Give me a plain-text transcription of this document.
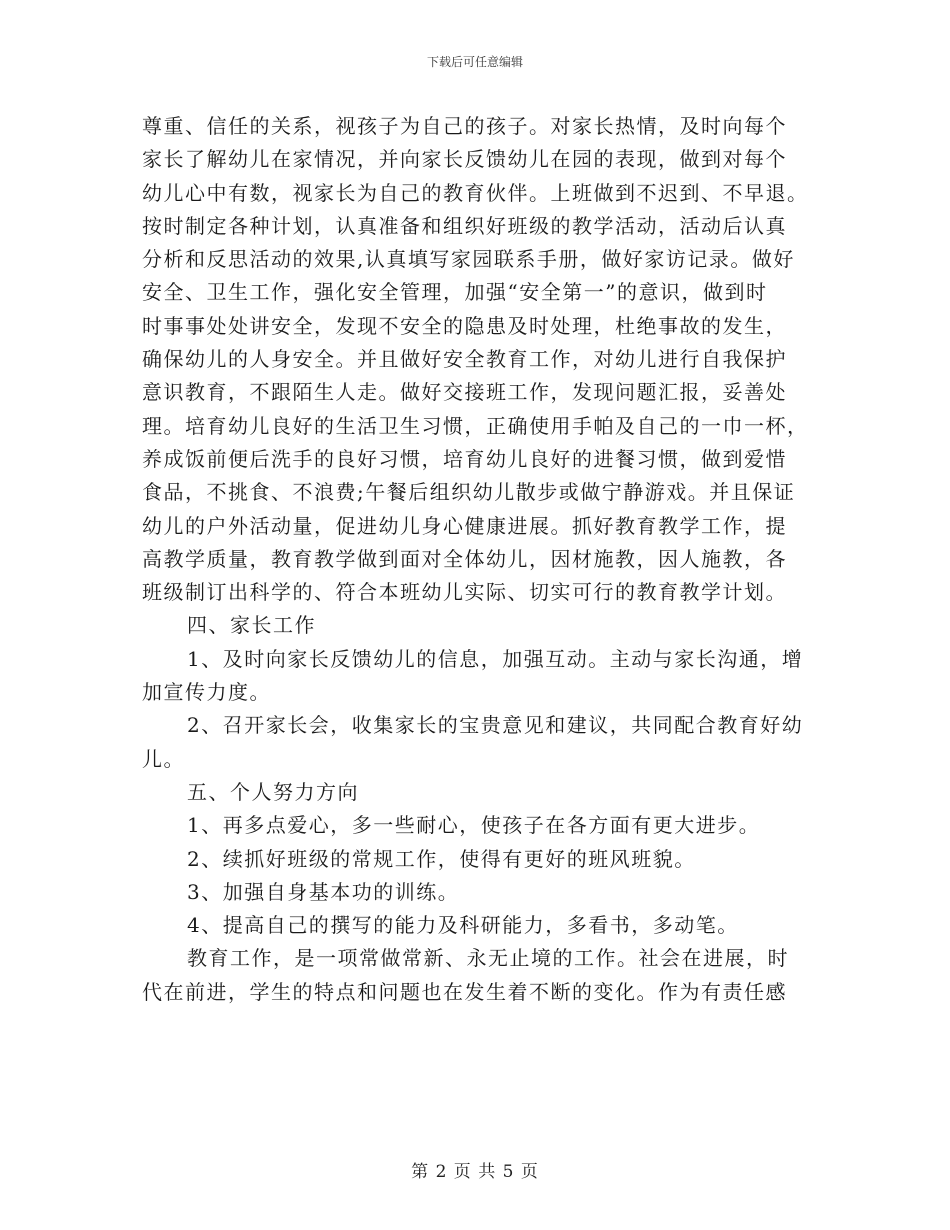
下载后可任意编辑
尊重、信任的关系，视孩子为自己的孩子。对家长热情，及时向每个
家长了解幼儿在家情况，并向家长反馈幼儿在园的表现，做到对每个
幼儿心中有数，视家长为自己的教育伙伴。上班做到不迟到、不早退。
按时制定各种计划，认真准备和组织好班级的教学活动，活动后认真
分析和反思活动的效果,认真填写家园联系手册，做好家访记录。做好
安全、卫生工作，强化安全管理，加强“安全第一”的意识，做到时
时事事处处讲安全，发现不安全的隐患及时处理，杜绝事故的发生，
确保幼儿的人身安全。并且做好安全教育工作，对幼儿进行自我保护
意识教育，不跟陌生人走。做好交接班工作，发现问题汇报，妥善处
理。培育幼儿良好的生活卫生习惯，正确使用手帕及自己的一巾一杯，
养成饭前便后洗手的良好习惯，培育幼儿良好的进餐习惯，做到爱惜
食品，不挑食、不浪费;午餐后组织幼儿散步或做宁静游戏。并且保证
幼儿的户外活动量，促进幼儿身心健康进展。抓好教育教学工作，提
高教学质量，教育教学做到面对全体幼儿，因材施教，因人施教，各
班级制订出科学的、符合本班幼儿实际、切实可行的教育教学计划。
四、家长工作
1、及时向家长反馈幼儿的信息，加强互动。主动与家长沟通，增
加宣传力度。
2、召开家长会，收集家长的宝贵意见和建议，共同配合教育好幼
儿。
五、个人努力方向
1、再多点爱心，多一些耐心，使孩子在各方面有更大进步。
2、续抓好班级的常规工作，使得有更好的班风班貌。
3、加强自身基本功的训练。
4、提高自己的撰写的能力及科研能力，多看书，多动笔。
教育工作，是一项常做常新、永无止境的工作。社会在进展，时
代在前进，学生的特点和问题也在发生着不断的变化。作为有责任感
第 2 页 共 5 页
